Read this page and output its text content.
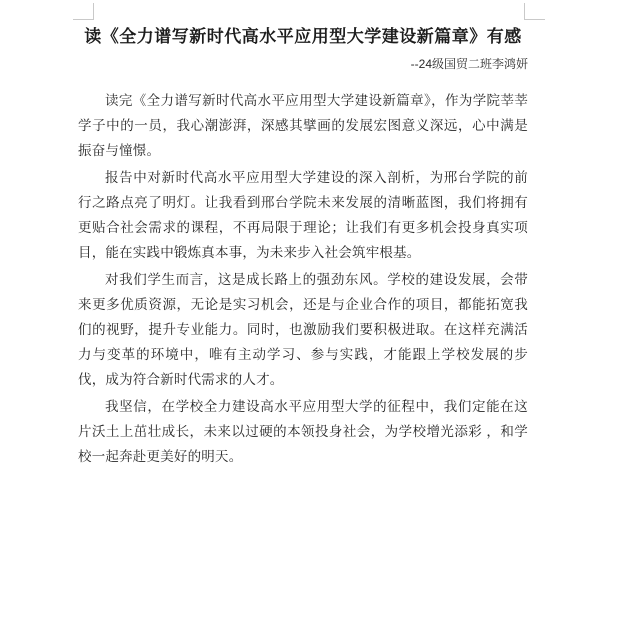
读《全力谱写新时代高水平应用型大学建设新篇章》有感
--24级国贸二班李鸿妍

读完《全力谱写新时代高水平应用型大学建设新篇章》，作为学院莘莘学子中的一员，我心潮澎湃，深感其擘画的发展宏图意义深远，心中满是振奋与憧憬。

报告中对新时代高水平应用型大学建设的深入剖析，为邢台学院的前行之路点亮了明灯。让我看到邢台学院未来发展的清晰蓝图，我们将拥有更贴合社会需求的课程，不再局限于理论；让我们有更多机会投身真实项目，能在实践中锻炼真本事，为未来步入社会筑牢根基。

对我们学生而言，这是成长路上的强劲东风。学校的建设发展，会带来更多优质资源，无论是实习机会，还是与企业合作的项目，都能拓宽我们的视野，提升专业能力。同时，也激励我们要积极进取。在这样充满活力与变革的环境中，唯有主动学习、参与实践，才能跟上学校发展的步伐，成为符合新时代需求的人才。

我坚信，在学校全力建设高水平应用型大学的征程中，我们定能在这片沃土上茁壮成长，未来以过硬的本领投身社会，为学校增光添彩 ，和学校一起奔赴更美好的明天。
